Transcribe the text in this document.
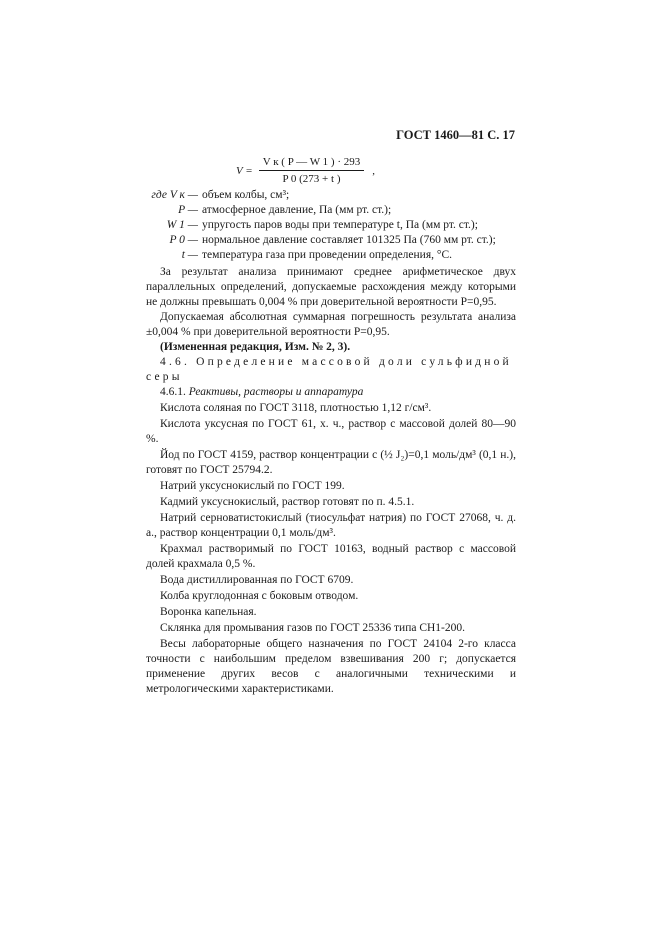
ГОСТ 1460—81 С. 17
$V = \frac{\text{V к ( P — W 1 ) · 293}}{P 0 (273 + t )}$ ,
где V к — объем колбы, см³;
P — атмосферное давление, Па (мм рт. ст.);
W 1 — упругость паров воды при температуре t, Па (мм рт. ст.);
P 0 — нормальное давление составляет 101325 Па (760 мм рт. ст.);
t — температура газа при проведении определения, °С.

За результат анализа принимают среднее арифметическое двух параллельных определений, допускаемые расхождения между которыми не должны превышать 0,004 % при доверительной вероятности P=0,95.

Допускаемая абсолютная суммарная погрешность результата анализа ±0,004 % при доверительной вероятности P=0,95.

(Измененная редакция, Изм. № 2, 3).

4.6. Определение массовой доли сульфидной серы

4.6.1. Реактивы, растворы и аппаратура

Кислота соляная по ГОСТ 3118, плотностью 1,12 г/см³.

Кислота уксусная по ГОСТ 61, х. ч., раствор с массовой долей 80—90 %.

Йод по ГОСТ 4159, раствор концентрации с (½ J₂)=0,1 моль/дм³ (0,1 н.), готовят по ГОСТ 25794.2.

Натрий уксуснокислый по ГОСТ 199.

Кадмий уксуснокислый, раствор готовят по п. 4.5.1.

Натрий серноватистокислый (тиосульфат натрия) по ГОСТ 27068, ч. д. а., раствор концентрации 0,1 моль/дм³.

Крахмал растворимый по ГОСТ 10163, водный раствор с массовой долей крахмала 0,5 %.

Вода дистиллированная по ГОСТ 6709.

Колба круглодонная с боковым отводом.

Воронка капельная.

Склянка для промывания газов по ГОСТ 25336 типа СН1-200.

Весы лабораторные общего назначения по ГОСТ 24104 2-го класса точности с наибольшим пределом взвешивания 200 г; допускается применение других весов с аналогичными техническими и метрологическими характеристиками.
